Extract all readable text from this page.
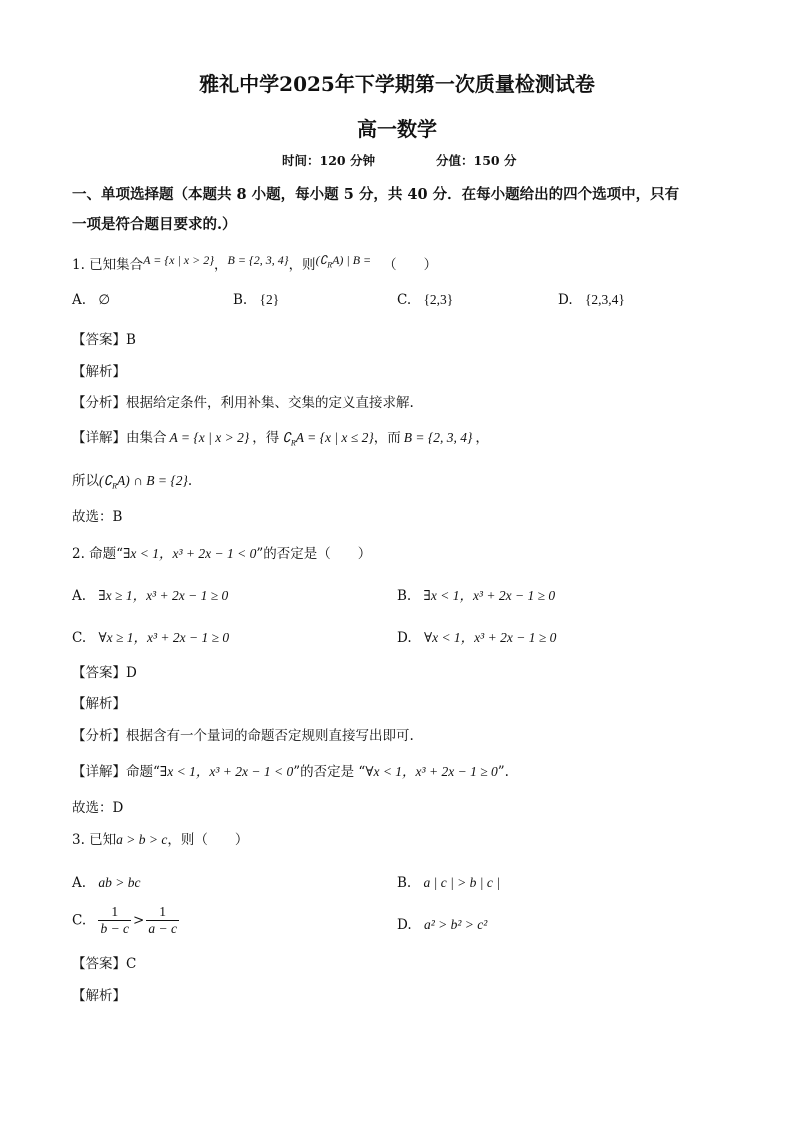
雅礼中学2025年下学期第一次质量检测试卷
高一数学
时间：120 分钟	分值：150 分
一、单项选择题（本题共 8 小题，每小题 5 分，共 40 分．在每小题给出的四个选项中，只有
一项是符合题目要求的.）
1. 已知集合A = {x | x > 2}，B = {2, 3, 4}，则$(∁_RA)$ | B = （　　）
A. ∅	B. {2}	C. {2,3}	D. {2,3,4}
【答案】B
【解析】
【分析】根据给定条件，利用补集、交集的定义直接求解.
【详解】由集合 A = {x | x > 2} ，得 $∁_RA = \{x$ | x ≤ 2}，而 B = {2, 3, 4} ，
所以$(∁_RA)$ ∩ B = {2}.
故选：B
2. 命题“∃x < 1，x³ + 2x − 1 < 0”的否定是（　　）
A. ∃x ≥ 1，x³ + 2x − 1 ≥ 0	B. ∃x < 1，x³ + 2x − 1 ≥ 0
C. ∀x ≥ 1，x³ + 2x − 1 ≥ 0	D. ∀x < 1，x³ + 2x − 1 ≥ 0
【答案】D
【解析】
【分析】根据含有一个量词的命题否定规则直接写出即可.
【详解】命题“∃x < 1，x³ + 2x − 1 < 0”的否定是 “∀x < 1，x³ + 2x − 1 ≥ 0”.
故选：D
3. 已知a > b > c，则（　　）
A. ab > bc	B. a | c | > b | c |
C. $\frac{1}{b - c} > \frac{1}{a - c}$	D. a² > b² > c²
【答案】C
【解析】
